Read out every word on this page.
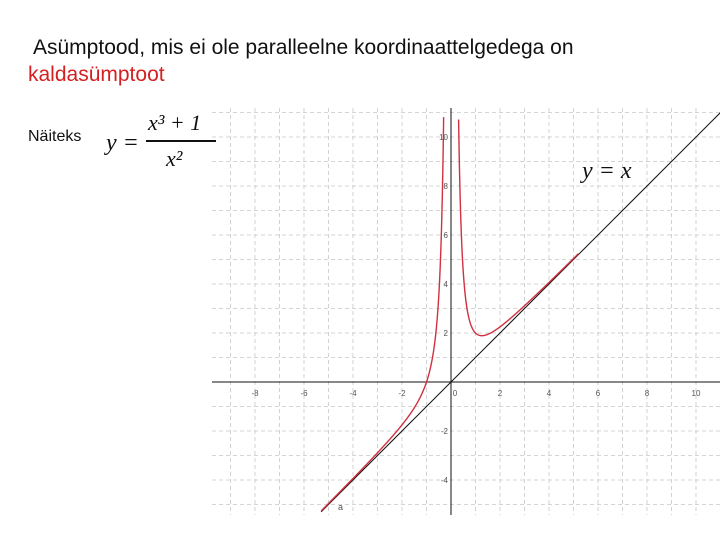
Asümptood, mis ei ole paralleelne koordinaattelgedega on
kaldasümptoot
Näiteks y =
x³ + 1
x²
-8	-6	-4	-2	0	2	4	6	8	10
10
8
6
4
2
-2
-4
y = x
a
